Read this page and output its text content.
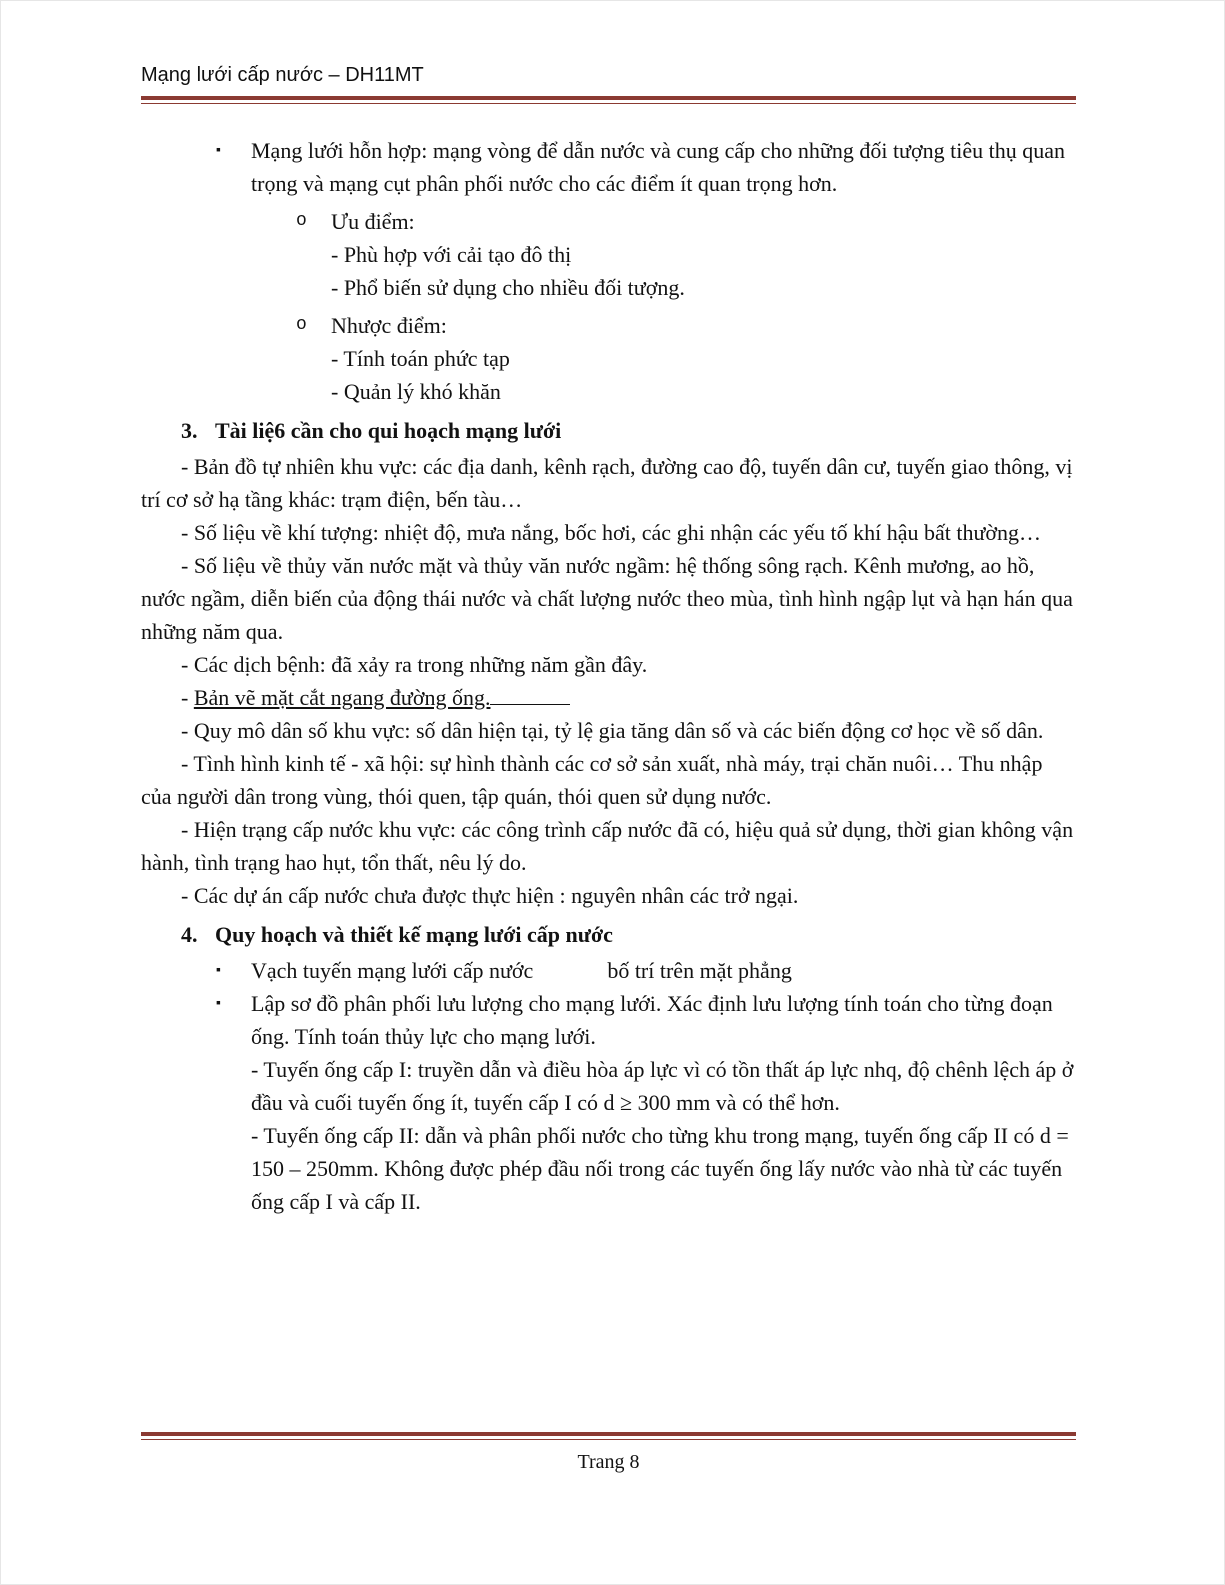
Mạng lưới cấp nước – DH11MT
▪	Mạng lưới hỗn hợp: mạng vòng để dẫn nước và cung cấp cho những đối tượng tiêu thụ quan trọng và mạng cụt phân phối nước cho các điểm ít quan trọng hơn.
o	Ưu điểm:
- Phù hợp với cải tạo đô thị
- Phổ biến sử dụng cho nhiều đối tượng.
o	Nhược điểm:
- Tính toán phức tạp
- Quản lý khó khăn
3. Tài liệ6 cần cho qui hoạch mạng lưới

- Bản đồ tự nhiên khu vực: các địa danh, kênh rạch, đường cao độ, tuyến dân cư, tuyến giao thông, vị trí cơ sở hạ tầng khác: trạm điện, bến tàu…

- Số liệu về khí tượng: nhiệt độ, mưa nắng, bốc hơi, các ghi nhận các yếu tố khí hậu bất thường…

- Số liệu về thủy văn nước mặt và thủy văn nước ngầm: hệ thống sông rạch. Kênh mương, ao hồ, nước ngầm, diễn biến của động thái nước và chất lượng nước theo mùa, tình hình ngập lụt và hạn hán qua những năm qua.

- Các dịch bệnh: đã xảy ra trong những năm gần đây.

- Bản vẽ mặt cắt ngang đường ống.

- Quy mô dân số khu vực: số dân hiện tại, tỷ lệ gia tăng dân số và các biến động cơ học về số dân.

- Tình hình kinh tế - xã hội: sự hình thành các cơ sở sản xuất, nhà máy, trại chăn nuôi… Thu nhập của người dân trong vùng, thói quen, tập quán, thói quen sử dụng nước.

- Hiện trạng cấp nước khu vực: các công trình cấp nước đã có, hiệu quả sử dụng, thời gian không vận hành, tình trạng hao hụt, tổn thất, nêu lý do.

- Các dự án cấp nước chưa được thực hiện : nguyên nhân các trở ngại.

4. Quy hoạch và thiết kế mạng lưới cấp nước
▪	Vạch tuyến mạng lưới cấp nước	bố trí trên mặt phẳng
▪	Lập sơ đồ phân phối lưu lượng cho mạng lưới. Xác định lưu lượng tính toán cho từng đoạn ống. Tính toán thủy lực cho mạng lưới.

- Tuyến ống cấp I: truyền dẫn và điều hòa áp lực vì có tồn thất áp lực nhq, độ chênh lệch áp ở đầu và cuối tuyến ống ít, tuyến cấp I có d ≥ 300 mm và có thể hơn.

- Tuyến ống cấp II: dẫn và phân phối nước cho từng khu trong mạng, tuyến ống cấp II có d = 150 – 250mm. Không được phép đầu nối trong các tuyến ống lấy nước vào nhà từ các tuyến ống cấp I và cấp II.

Trang 8
